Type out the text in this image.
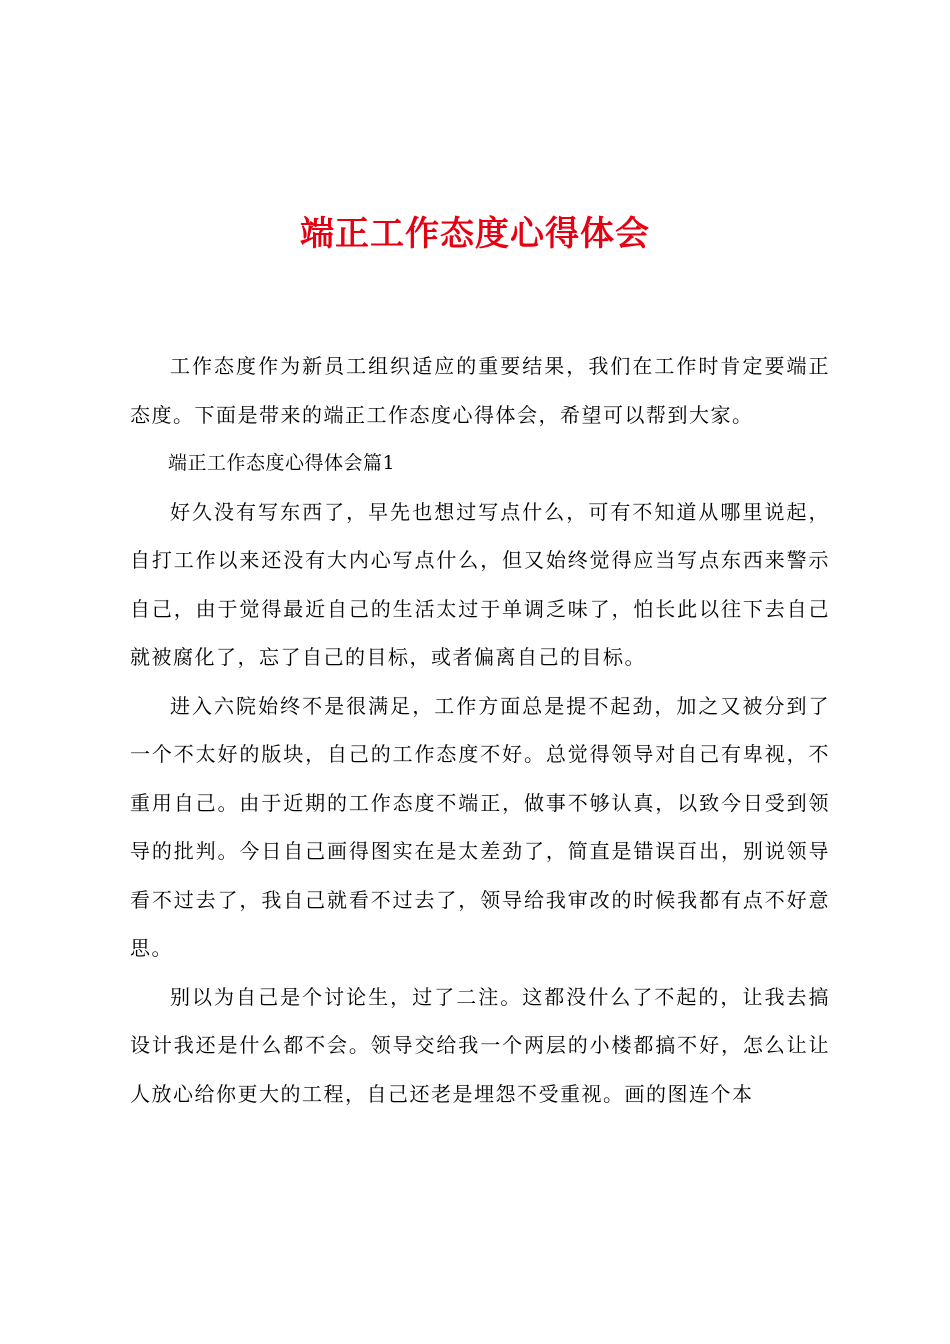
端正工作态度心得体会

工作态度作为新员工组织适应的重要结果，我们在工作时肯定要端正态度。下面是带来的端正工作态度心得体会，希望可以帮到大家。

端正工作态度心得体会篇1

好久没有写东西了，早先也想过写点什么，可有不知道从哪里说起，自打工作以来还没有大内心写点什么，但又始终觉得应当写点东西来警示自己，由于觉得最近自己的生活太过于单调乏味了，怕长此以往下去自己就被腐化了，忘了自己的目标，或者偏离自己的目标。

进入六院始终不是很满足，工作方面总是提不起劲，加之又被分到了一个不太好的版块，自己的工作态度不好。总觉得领导对自己有卑视，不重用自己。由于近期的工作态度不端正，做事不够认真，以致今日受到领导的批判。今日自己画得图实在是太差劲了，简直是错误百出，别说领导看不过去了，我自己就看不过去了，领导给我审改的时候我都有点不好意思。

别以为自己是个讨论生，过了二注。这都没什么了不起的，让我去搞设计我还是什么都不会。领导交给我一个两层的小楼都搞不好，怎么让让人放心给你更大的工程，自己还老是埋怨不受重视。画的图连个本
